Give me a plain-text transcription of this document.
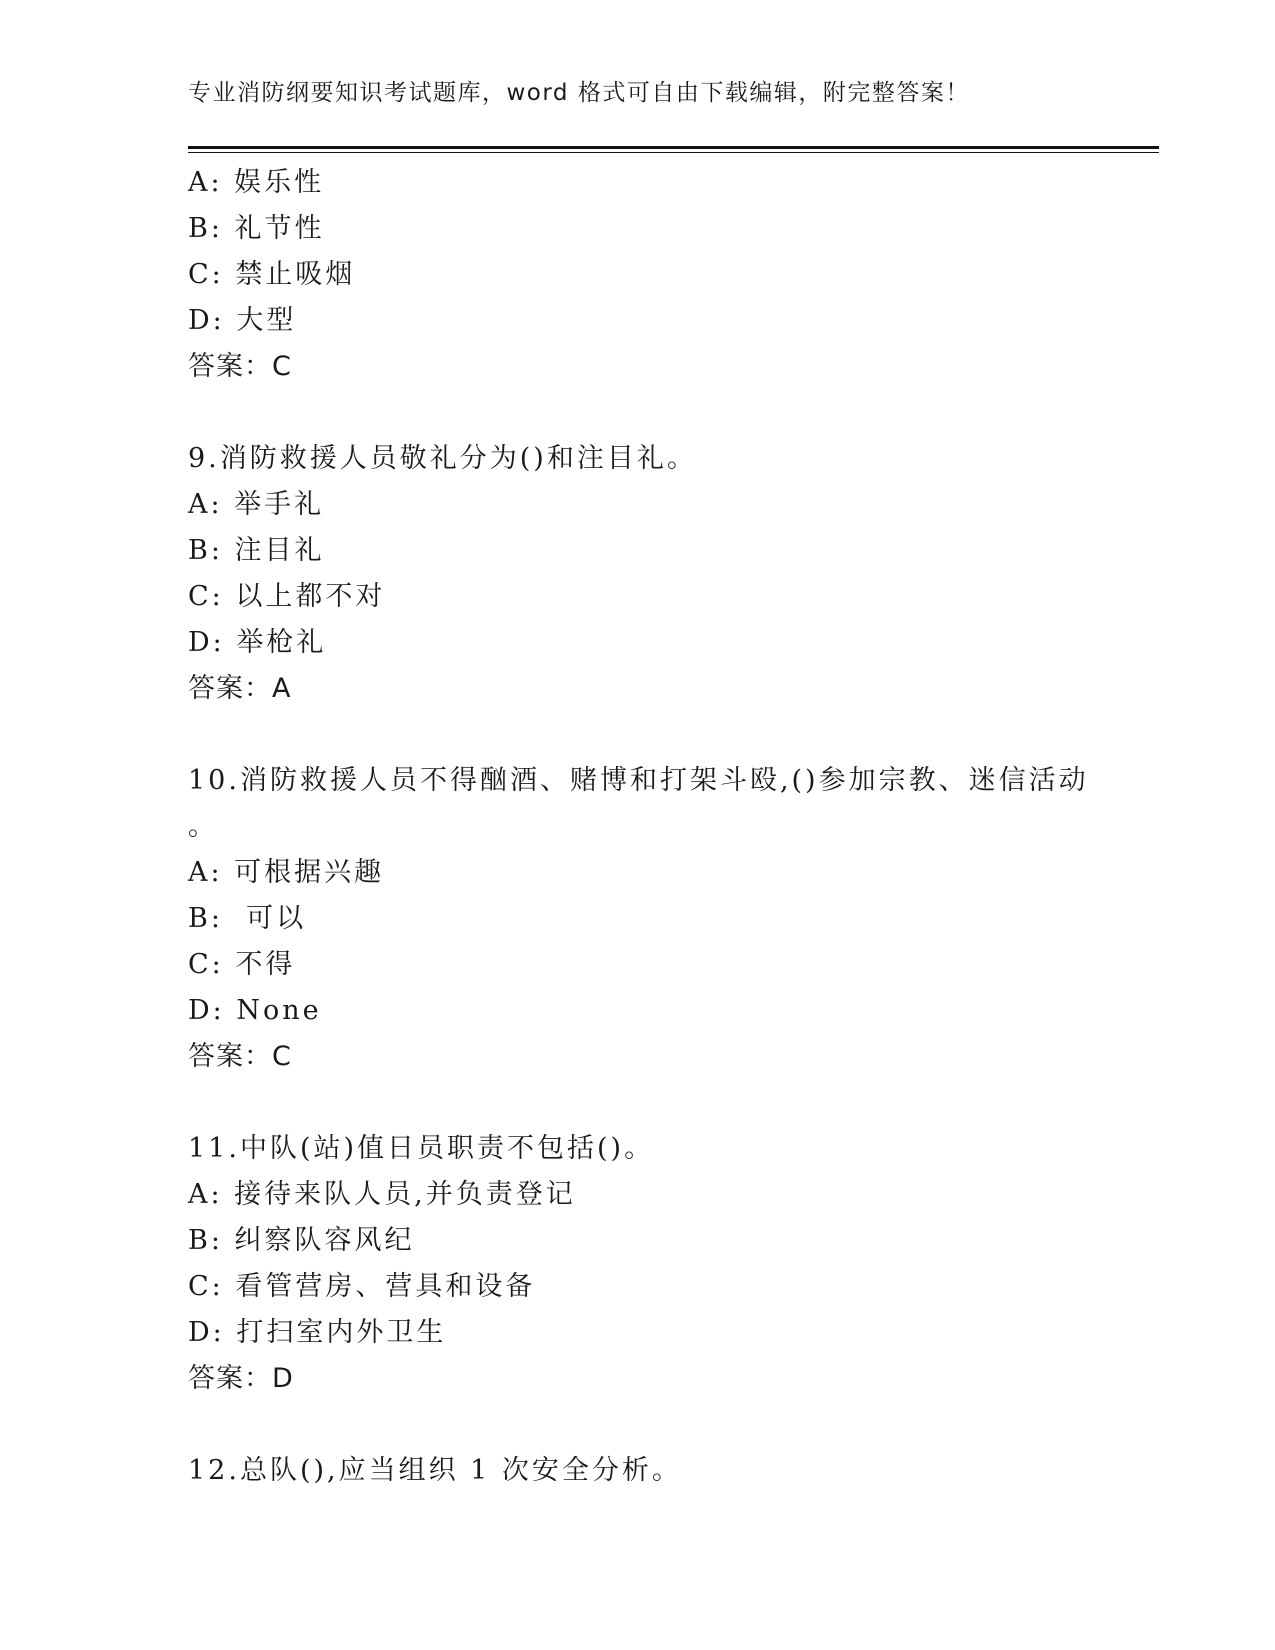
专业消防纲要知识考试题库，word 格式可自由下载编辑，附完整答案！
A: 娱乐性
B: 礼节性
C: 禁止吸烟
D: 大型
答案：C
9.消防救援人员敬礼分为()和注目礼。
A: 举手礼
B: 注目礼
C: 以上都不对
D: 举枪礼
答案：A
10.消防救援人员不得酗酒、赌博和打架斗殴,()参加宗教、迷信活动
。
A: 可根据兴趣
B:  可以
C: 不得
D: None
答案：C
11.中队(站)值日员职责不包括()。
A: 接待来队人员,并负责登记
B: 纠察队容风纪
C: 看管营房、营具和设备
D: 打扫室内外卫生
答案：D
12.总队(),应当组织 1 次安全分析。
